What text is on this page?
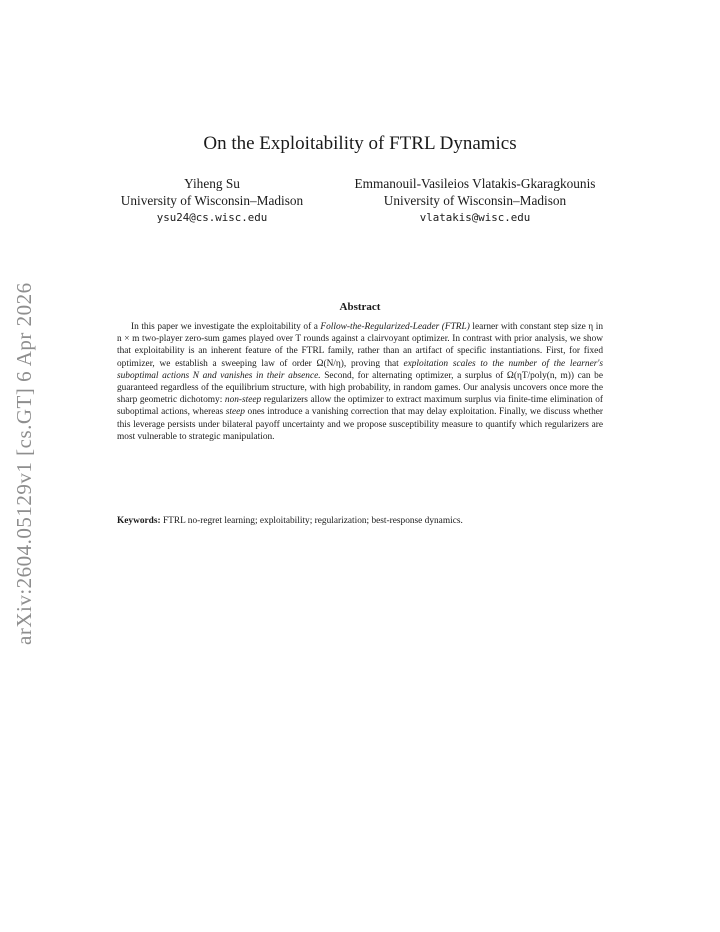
arXiv:2604.05129v1 [cs.GT] 6 Apr 2026
On the Exploitability of FTRL Dynamics
Yiheng Su
University of Wisconsin–Madison
ysu24@cs.wisc.edu
Emmanouil-Vasileios Vlatakis-Gkaragkounis
University of Wisconsin–Madison
vlatakis@wisc.edu
Abstract

In this paper we investigate the exploitability of a Follow-the-Regularized-Leader (FTRL) learner with constant step size η in n × m two-player zero-sum games played over T rounds against a clairvoyant optimizer. In contrast with prior analysis, we show that exploitability is an inherent feature of the FTRL family, rather than an artifact of specific instantiations. First, for fixed optimizer, we establish a sweeping law of order Ω(N/η), proving that exploitation scales to the number of the learner's suboptimal actions N and vanishes in their absence. Second, for alternating optimizer, a surplus of Ω(ηT/poly(n, m)) can be guaranteed regardless of the equilibrium structure, with high probability, in random games. Our analysis uncovers once more the sharp geometric dichotomy: non-steep regularizers allow the optimizer to extract maximum surplus via finite-time elimination of suboptimal actions, whereas steep ones introduce a vanishing correction that may delay exploitation. Finally, we discuss whether this leverage persists under bilateral payoff uncertainty and we propose susceptibility measure to quantify which regularizers are most vulnerable to strategic manipulation.

Keywords: FTRL no-regret learning; exploitability; regularization; best-response dynamics.
